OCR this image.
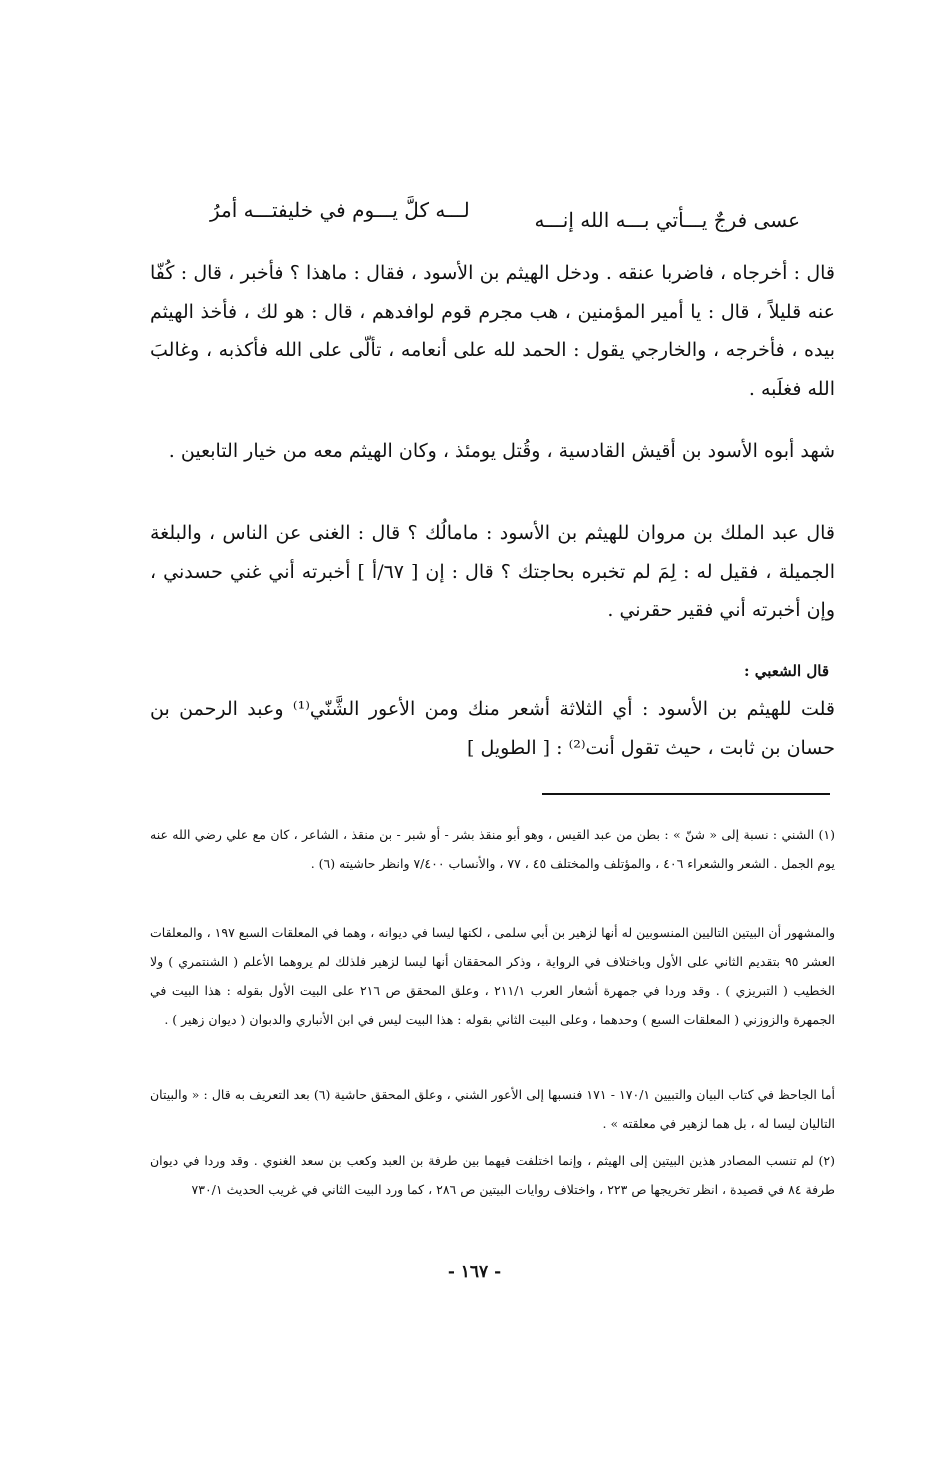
عسى فرجٌ يـــأتي بـــه الله إنـــه
لـــه كلَّ يـــوم في خليفتـــه أمرُ

قال : أخرجاه ، فاضربا عنقه . ودخل الهيثم بن الأسود ، فقال : ماهذا ؟ فأخبر ، قال : كُفّا عنه قليلاً ، قال : يا أمير المؤمنين ، هب مجرم قوم لوافدهم ، قال : هو لك ، فأخذ الهيثم بيده ، فأخرجه ، والخارجي يقول : الحمد لله على أنعامه ، تألّى على الله فأكذبه ، وغالبَ الله فغلَبه .

شهد أبوه الأسود بن أقيش القادسية ، وقُتل يومئذ ، وكان الهيثم معه من خيار التابعين .

قال عبد الملك بن مروان للهيثم بن الأسود : مامالُك ؟ قال : الغنى عن الناس ، والبلغة الجميلة ، فقيل له : لِمَ لم تخبره بحاجتك ؟ قال : إن [ ٦٧/أ ] أخبرته أني غني حسدني ، وإن أخبرته أني فقير حقرني .

قال الشعبي :

قلت للهيثم بن الأسود : أي الثلاثة أشعر منك ومن الأعور الشَّنّي⁽¹⁾ وعبد الرحمن بن حسان بن ثابت ، حيث تقول أنت⁽²⁾ : [ الطويل ]

(١) الشني : نسبة إلى « شنّ » : بطن من عبد القيس ، وهو أبو منقذ بشر - أو شبر - بن منقذ ، الشاعر ، كان مع علي رضي الله عنه يوم الجمل . الشعر والشعراء ٤٠٦ ، والمؤتلف والمختلف ٤٥ ، ٧٧ ، والأنساب ٧/٤٠٠ وانظر حاشيته (٦) .

والمشهور أن البيتين التاليين المنسوبين له أنها لزهير بن أبي سلمى ، لكنها ليسا في ديوانه ، وهما في المعلقات السبع ١٩٧ ، والمعلقات العشر ٩٥ بتقديم الثاني على الأول وباختلاف في الرواية ، وذكر المحققان أنها ليسا لزهير فلذلك لم يروهما الأعلم ( الشنتمري ) ولا الخطيب ( التبريزي ) . وقد وردا في جمهرة أشعار العرب ٢١١/١ ، وعلق المحقق ص ٢١٦ على البيت الأول بقوله : هذا البيت في الجمهرة والزوزني ( المعلقات السبع ) وحدهما ، وعلى البيت الثاني بقوله : هذا البيت ليس في ابن الأنباري والدبوان ( ديوان زهير ) .

أما الجاحظ في كتاب البيان والتبيين ١٧٠/١ - ١٧١ فنسبها إلى الأعور الشني ، وعلق المحقق حاشية (٦) بعد التعريف به قال : « والبيتان التاليان ليسا له ، بل هما لزهير في معلقته » .

(٢) لم تنسب المصادر هذين البيتين إلى الهيثم ، وإنما اختلفت فيهما بين طرفة بن العبد وكعب بن سعد الغنوي . وقد وردا في ديوان طرفة ٨٤ في قصيدة ، انظر تخريجها ص ٢٢٣ ، واختلاف روايات البيتين ص ٢٨٦ ، كما ورد البيت الثاني في غريب الحديث ٧٣٠/١

- ١٦٧ -
